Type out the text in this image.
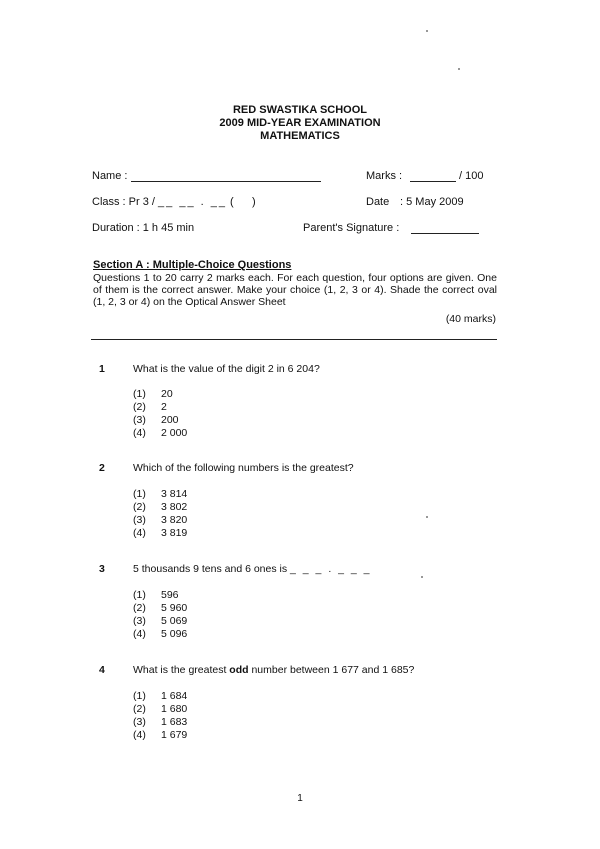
RED SWASTIKA SCHOOL
2009 MID-YEAR EXAMINATION
MATHEMATICS
Name :	Marks :	/ 100
Class : Pr 3 / __ __ . __ (      )	Date : 5 May 2009
Duration : 1 h 45 min	Parent's Signature :
Section A : Multiple-Choice Questions
Questions 1 to 20 carry 2 marks each. For each question, four options are given. One of them is the correct answer. Make your choice (1, 2, 3 or 4). Shade the correct oval (1, 2, 3 or 4) on the Optical Answer Sheet
(40 marks)
1	What is the value of the digit 2 in 6 204?
(1)	20
(2)	2
(3)	200
(4)	2 000
2	Which of the following numbers is the greatest?
(1)	3 814
(2)	3 802
(3)	3 820
(4)	3 819
3	5 thousands 9 tens and 6 ones is _ _ _ . _ _ _
(1)	596
(2)	5 960
(3)	5 069
(4)	5 096
4	What is the greatest odd number between 1 677 and 1 685?
(1)	1 684
(2)	1 680
(3)	1 683
(4)	1 679
1
